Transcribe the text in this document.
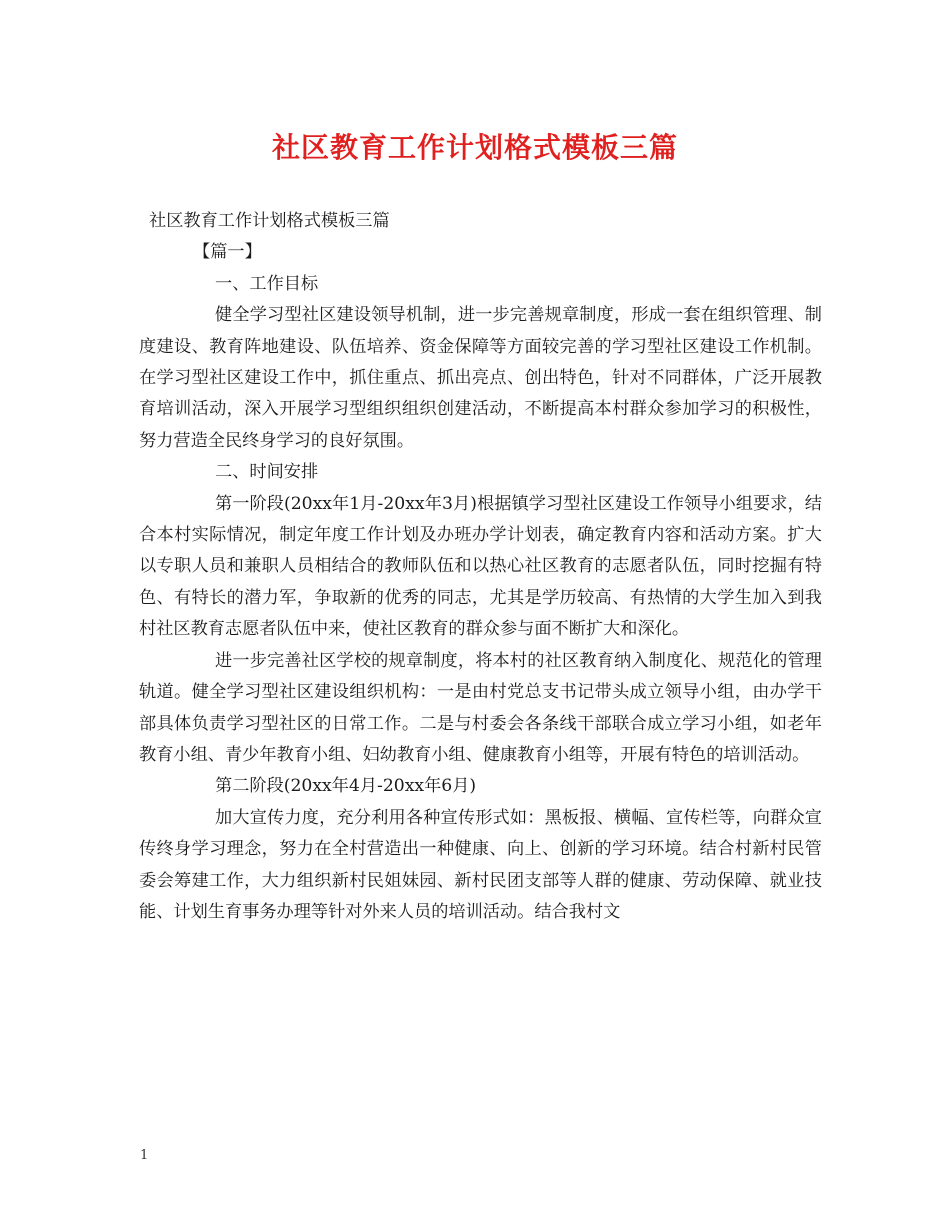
社区教育工作计划格式模板三篇
社区教育工作计划格式模板三篇
【篇一】
一、工作目标
健全学习型社区建设领导机制，进一步完善规章制度，形成一套在组织管理、制度建设、教育阵地建设、队伍培养、资金保障等方面较完善的学习型社区建设工作机制。在学习型社区建设工作中，抓住重点、抓出亮点、创出特色，针对不同群体，广泛开展教育培训活动，深入开展学习型组织组织创建活动，不断提高本村群众参加学习的积极性，努力营造全民终身学习的良好氛围。
二、时间安排
第一阶段(20xx年1月-20xx年3月)根据镇学习型社区建设工作领导小组要求，结合本村实际情况，制定年度工作计划及办班办学计划表，确定教育内容和活动方案。扩大以专职人员和兼职人员相结合的教师队伍和以热心社区教育的志愿者队伍，同时挖掘有特色、有特长的潜力军，争取新的优秀的同志，尤其是学历较高、有热情的大学生加入到我村社区教育志愿者队伍中来，使社区教育的群众参与面不断扩大和深化。
进一步完善社区学校的规章制度，将本村的社区教育纳入制度化、规范化的管理轨道。健全学习型社区建设组织机构：一是由村党总支书记带头成立领导小组，由办学干部具体负责学习型社区的日常工作。二是与村委会各条线干部联合成立学习小组，如老年教育小组、青少年教育小组、妇幼教育小组、健康教育小组等，开展有特色的培训活动。
第二阶段(20xx年4月-20xx年6月)
加大宣传力度，充分利用各种宣传形式如：黑板报、横幅、宣传栏等，向群众宣传终身学习理念，努力在全村营造出一种健康、向上、创新的学习环境。结合村新村民管委会筹建工作，大力组织新村民姐妹园、新村民团支部等人群的健康、劳动保障、就业技能、计划生育事务办理等针对外来人员的培训活动。结合我村文
1
